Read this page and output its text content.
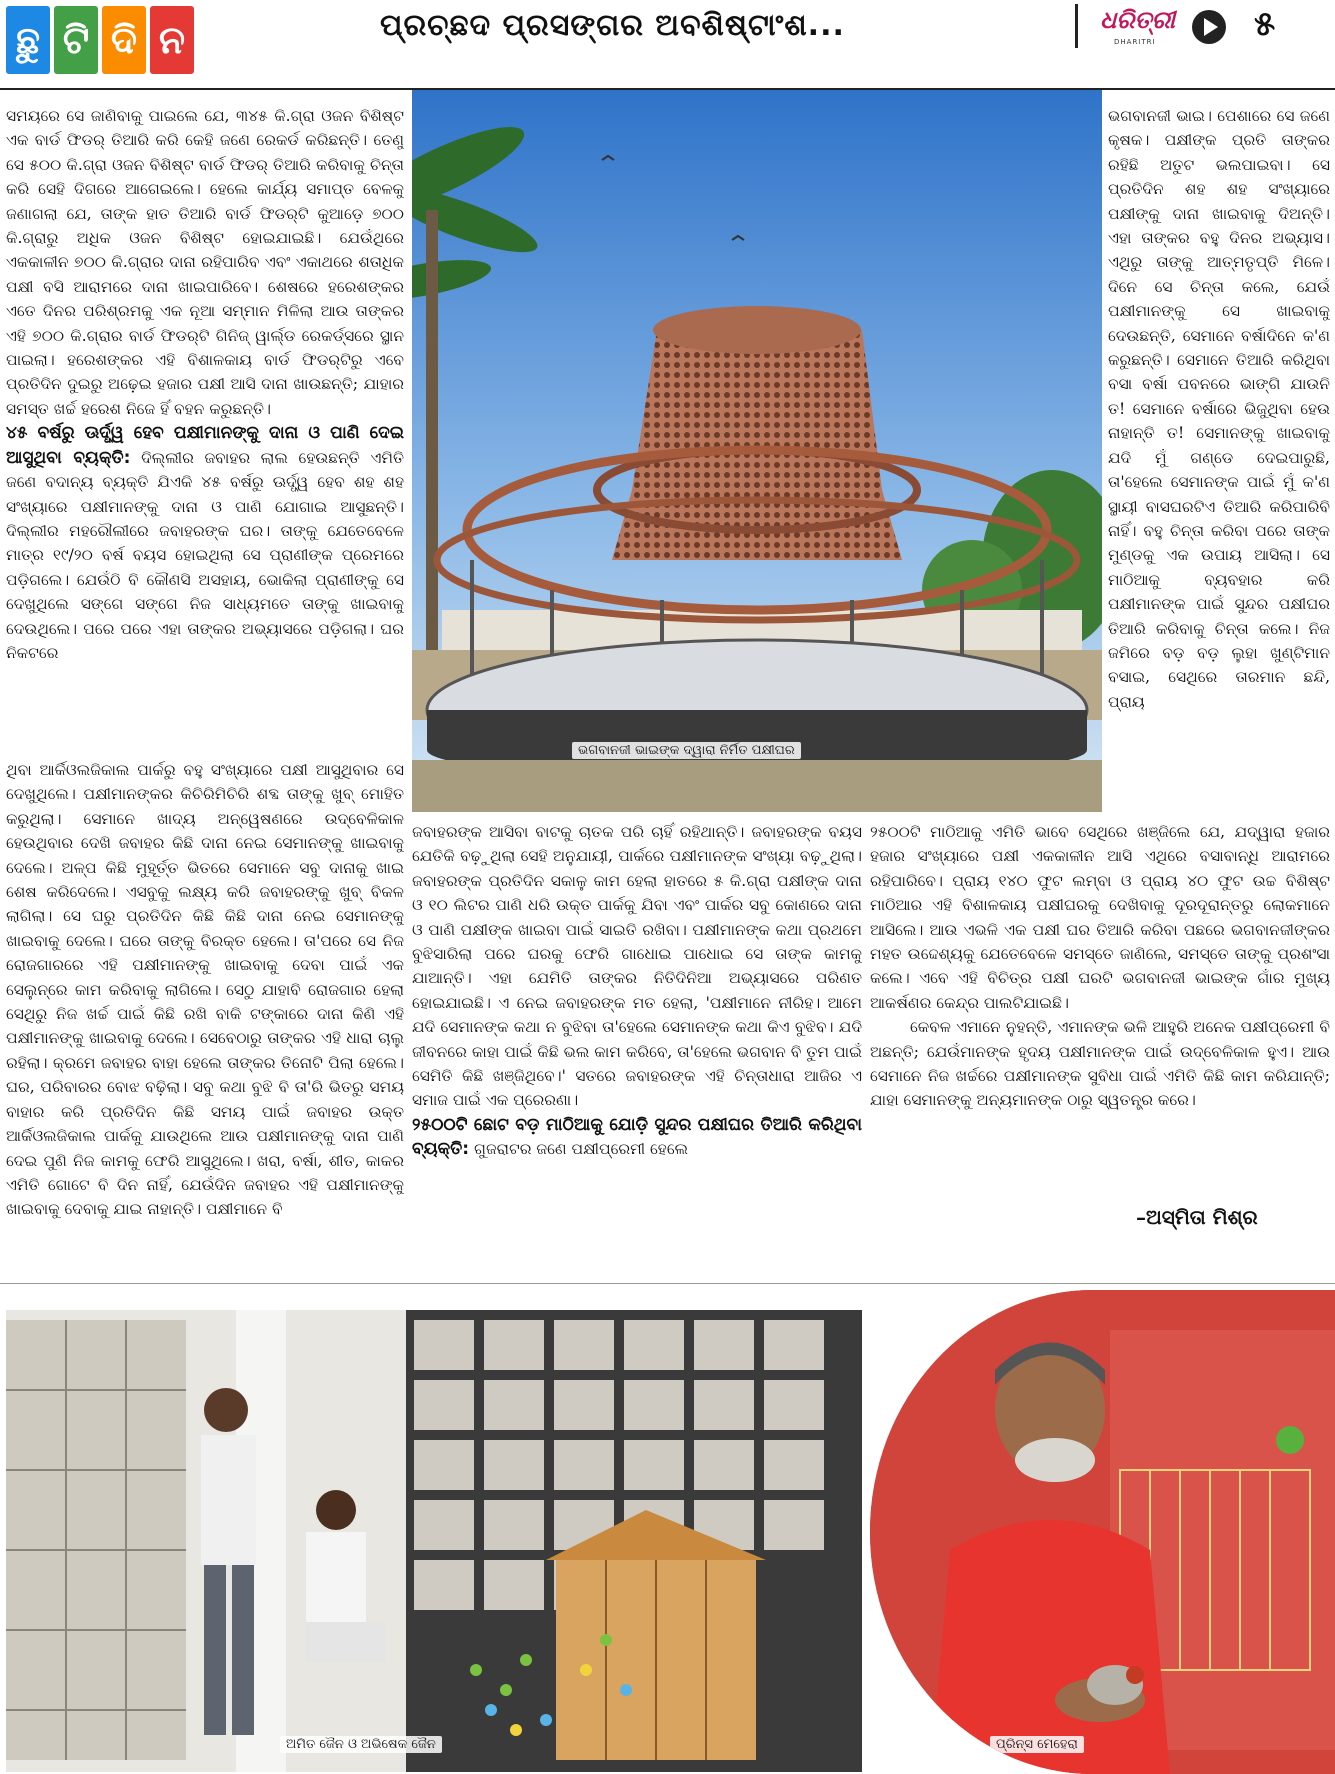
ଛୁ ଟି ଦି ନ	ପ୍ରଚ୍ଛଦ ପ୍ରସଙ୍ଗର ଅବଶିଷ୍ଟାଂଶ...	ଧରିତ୍ରୀ
DHARITRI	୫

ସମୟରେ ସେ ଜାଣିବାକୁ ପାଇଲେ ଯେ, ୩୪୫ କି.ଗ୍ରା ଓଜନ ବିଶିଷ୍ଟ ଏକ ବାର୍ଡ ଫିଡର୍ ତିଆରି କରି କେହି ଜଣେ ରେକର୍ଡ କରିଛନ୍ତି। ତେଣୁ ସେ ୫୦୦ କି.ଗ୍ରା ଓଜନ ବିଶିଷ୍ଟ ବାର୍ଡ ଫିଡର୍ ତିଆରି କରିବାକୁ ଚିନ୍ତା କରି ସେହି ଦିଗରେ ଆଗେଇଲେ। ହେଲେ କାର୍ଯ୍ୟ ସମାପ୍ତ ବେଳକୁ ଜଣାଗଲା ଯେ, ତାଙ୍କ ହାତ ତିଆରି ବାର୍ଡ ଫିଡର୍‌ଟି କୁଆଡ଼େ ୭୦୦ କି.ଗ୍ରାରୁ ଅଧିକ ଓଜନ ବିଶିଷ୍ଟ ହୋଇଯାଇଛି। ଯେଉଁଥିରେ ଏକକାଳୀନ ୭୦୦ କି.ଗ୍ରାର ଦାନା ରହିପାରିବ ଏବଂ ଏକାଥରେ ଶତାଧିକ ପକ୍ଷୀ ବସି ଆରାମରେ ଦାନା ଖାଇପାରିବେ। ଶେଷରେ ହରେଶଙ୍କର ଏତେ ଦିନର ପରିଶ୍ରମକୁ ଏକ ନୂଆ ସମ୍ମାନ ମିଳିଲା ଆଉ ତାଙ୍କର ଏହି ୭୦୦ କି.ଗ୍ରାର ବାର୍ଡ ଫିଡର୍‌ଟି ଗିନିଜ୍ ୱାର୍ଲ୍ଡ ରେକର୍ଡ୍‌ସରେ ସ୍ଥାନ ପାଇଲା। ହରେଶଙ୍କର ଏହି ବିଶାଳକାୟ ବାର୍ଡ ଫିଡର୍‌ଟିରୁ ଏବେ ପ୍ରତିଦିନ ଦୁଇରୁ ଅଢ଼େଇ ହଜାର ପକ୍ଷୀ ଆସି ଦାନା ଖାଉଛନ୍ତି; ଯାହାର ସମସ୍ତ ଖର୍ଚ୍ଚ ହରେଶ ନିଜେ ହିଁ ବହନ କରୁଛନ୍ତି।

୪୫ ବର୍ଷରୁ ଊର୍ଦ୍ଧ୍ୱ ହେବ ପକ୍ଷୀମାନଙ୍କୁ ଦାନା ଓ ପାଣି ଦେଇ ଆସୁଥିବା ବ୍ୟକ୍ତି: ଦିଲ୍ଲୀର ଜବାହର ଲାଲ ହେଉଛନ୍ତି ଏମିତି ଜଣେ ବଦାନ୍ୟ ବ୍ୟକ୍ତି ଯିଏକି ୪୫ ବର୍ଷରୁ ଊର୍ଦ୍ଧ୍ୱ ହେବ ଶହ ଶହ ସଂଖ୍ୟାରେ ପକ୍ଷୀମାନଙ୍କୁ ଦାନା ଓ ପାଣି ଯୋଗାଇ ଆସୁଛନ୍ତି। ଦିଲ୍ଲୀର ମହରୌଲୀରେ ଜବାହରଙ୍କ ଘର। ତାଙ୍କୁ ଯେତେବେଳେ ମାତ୍ର ୧୯/୨୦ ବର୍ଷ ବୟସ ହୋଇଥିଲା ସେ ପ୍ରାଣୀଙ୍କ ପ୍ରେମରେ ପଡ଼ିଗଲେ। ଯେଉଁଠି ବି କୌଣସି ଅସହାୟ, ଭୋକିଲା ପ୍ରାଣୀଙ୍କୁ ସେ ଦେଖୁଥିଲେ ସଙ୍ଗେ ସଙ୍ଗେ ନିଜ ସାଧ୍ୟମତେ ତାଙ୍କୁ ଖାଇବାକୁ ଦେଉଥିଲେ। ପରେ ପରେ ଏହା ତାଙ୍କର ଅଭ୍ୟାସରେ ପଡ଼ିଗଲା। ଘର ନିକଟରେ

ଭଗବାନଜୀ ଭାଇଙ୍କ ଦ୍ୱାରା ନିର୍ମିତ ପକ୍ଷୀଘର

ଭଗବାନଜୀ ଭାଇ। ପେଶାରେ ସେ ଜଣେ କୃଷକ। ପକ୍ଷୀଙ୍କ ପ୍ରତି ତାଙ୍କର ରହିଛି ଅତୁଟ ଭଲପାଇବା। ସେ ପ୍ରତିଦିନ ଶହ ଶହ ସଂଖ୍ୟାରେ ପକ୍ଷୀଙ୍କୁ ଦାନା ଖାଇବାକୁ ଦିଅନ୍ତି। ଏହା ତାଙ୍କର ବହୁ ଦିନର ଅଭ୍ୟାସ। ଏଥିରୁ ତାଙ୍କୁ ଆତ୍ମତୃପ୍ତି ମିଳେ। ଦିନେ ସେ ଚିନ୍ତା କଲେ, ଯେଉଁ ପକ୍ଷୀମାନଙ୍କୁ ସେ ଖାଇବାକୁ ଦେଉଛନ୍ତି, ସେମାନେ ବର୍ଷାଦିନେ କ'ଣ କରୁଛନ୍ତି। ସେମାନେ ତିଆରି କରିଥିବା ବସା ବର୍ଷା ପବନରେ ଭାଙ୍ଗି ଯାଉନି ତ! ସେମାନେ ବର୍ଷାରେ ଭିଜୁଥିବା ହେଉ ନାହାନ୍ତି ତ! ସେମାନଙ୍କୁ ଖାଇବାକୁ ଯଦି ମୁଁ ଗଣ୍ଡେ ଦେଇପାରୁଛି, ତା'ହେଲେ ସେମାନଙ୍କ ପାଇଁ ମୁଁ କ'ଣ ସ୍ଥାୟୀ ବାସଘରଟିଏ ତିଆରି କରିପାରିବି ନାହିଁ। ବହୁ ଚିନ୍ତା କରିବା ପରେ ତାଙ୍କ ମୁଣ୍ଡକୁ ଏକ ଉପାୟ ଆସିଲା। ସେ ମାଠିଆକୁ ବ୍ୟବହାର କରି ପକ୍ଷୀମାନଙ୍କ ପାଇଁ ସୁନ୍ଦର ପକ୍ଷୀଘର ତିଆରି କରିବାକୁ ଚିନ୍ତା କଲେ। ନିଜ ଜମିରେ ବଡ଼ ବଡ଼ ଲୁହା ଖୁଣ୍ଟିମାନ ବସାଇ, ସେଥିରେ ତାରମାନ ଛନ୍ଦି, ପ୍ରାୟ

ଥିବା ଆର୍କିଓଲଜିକାଲ ପାର୍କରୁ ବହୁ ସଂଖ୍ୟାରେ ପକ୍ଷୀ ଆସୁଥିବାର ସେ ଦେଖୁଥିଲେ। ପକ୍ଷୀମାନଙ୍କର କିଚିରିମିଚିରି ଶବ୍ଦ ତାଙ୍କୁ ଖୁବ୍ ମୋହିତ କରୁଥିଲା। ସେମାନେ ଖାଦ୍ୟ ଅନ୍ୱେଷଣରେ ଉଦ୍‌ବେଳିକାଳ ହେଉଥିବାର ଦେଖି ଜବାହର କିଛି ଦାନା ନେଇ ସେମାନଙ୍କୁ ଖାଇବାକୁ ଦେଲେ। ଅଳ୍ପ କିଛି ମୁହୂର୍ତ୍ତ ଭିତରେ ସେମାନେ ସବୁ ଦାନାକୁ ଖାଇ ଶେଷ କରିଦେଲେ। ଏସବୁକୁ ଲକ୍ଷ୍ୟ କରି ଜବାହରଙ୍କୁ ଖୁବ୍ ବିକଳ ଲାଗିଲା। ସେ ଘରୁ ପ୍ରତିଦିନ କିଛି କିଛି ଦାନା ନେଇ ସେମାନଙ୍କୁ ଖାଇବାକୁ ଦେଲେ। ଘରେ ତାଙ୍କୁ ବିରକ୍ତ ହେଲେ। ତା'ପରେ ସେ ନିଜ ରୋଜଗାରରେ ଏହି ପକ୍ଷୀମାନଙ୍କୁ ଖାଇବାକୁ ଦେବା ପାଇଁ ଏକ ସେଲୁନ୍‌ରେ କାମ କରିବାକୁ ଲାଗିଲେ। ସେଠୁ ଯାହାବି ରୋଜଗାର ହେଲା ସେଥିରୁ ନିଜ ଖର୍ଚ୍ଚ ପାଇଁ କିଛି ରଖି ବାକି ଟଙ୍କାରେ ଦାନା କିଣି ଏହି ପକ୍ଷୀମାନଙ୍କୁ ଖାଇବାକୁ ଦେଲେ। ସେବେଠାରୁ ତାଙ୍କର ଏହି ଧାରା ଚାଲୁ ରହିଲା। କ୍ରମେ ଜବାହର ବାହା ହେଲେ ତାଙ୍କର ତିନୋଟି ପିଲା ହେଲେ। ଘର, ପରିବାରର ବୋଝ ବଢ଼ିଲା। ସବୁ କଥା ବୁଝି ବି ତା'ରି ଭିତରୁ ସମୟ ବାହାର କରି ପ୍ରତିଦିନ କିଛି ସମୟ ପାଇଁ ଜବାହର ଉକ୍ତ ଆର୍କିଓଲଜିକାଲ ପାର୍କକୁ ଯାଉଥିଲେ ଆଉ ପକ୍ଷୀମାନଙ୍କୁ ଦାନା ପାଣି ଦେଇ ପୁଣି ନିଜ କାମକୁ ଫେରି ଆସୁଥିଲେ। ଖରା, ବର୍ଷା, ଶୀତ, କାକର ଏମିତି ଗୋଟେ ବି ଦିନ ନାହିଁ, ଯେଉଁଦିନ ଜବାହର ଏହି ପକ୍ଷୀମାନଙ୍କୁ ଖାଇବାକୁ ଦେବାକୁ ଯାଇ ନାହାନ୍ତି। ପକ୍ଷୀମାନେ ବି

ଜବାହରଙ୍କ ଆସିବା ବାଟକୁ ଚାତକ ପରି ଚାହିଁ ରହିଥାନ୍ତି। ଜବାହରଙ୍କ ବୟସ ଯେତିକି ବଢ଼ୁଥିଲା ସେହି ଅନୁଯାୟୀ, ପାର୍କରେ ପକ୍ଷୀମାନଙ୍କ ସଂଖ୍ୟା ବଢ଼ୁଥିଲା। ଜବାହରଙ୍କ ପ୍ରତିଦିନ ସକାଳୁ କାମ ହେଲା ହାତରେ ୫ କି.ଗ୍ରା ପକ୍ଷୀଙ୍କ ଦାନା ଓ ୧୦ ଲିଟର ପାଣି ଧରି ଉକ୍ତ ପାର୍କକୁ ଯିବା ଏବଂ ପାର୍କର ସବୁ କୋଣରେ ଦାନା ଓ ପାଣି ପକ୍ଷୀଙ୍କ ଖାଇବା ପାଇଁ ସାଇତି ରଖିବା। ପକ୍ଷୀମାନଙ୍କ କଥା ପ୍ରଥମେ ବୁଝିସାରିଲା ପରେ ଘରକୁ ଫେରି ଗାଧୋଇ ପାଧୋଇ ସେ ତାଙ୍କ କାମକୁ ଯାଆନ୍ତି। ଏହା ଯେମିତି ତାଙ୍କର ନିତିଦିନିଆ ଅଭ୍ୟାସରେ ପରିଣତ ହୋଇଯାଇଛି। ଏ ନେଇ ଜବାହରଙ୍କ ମତ ହେଲା, 'ପକ୍ଷୀମାନେ ନୀରିହ। ଆମେ ଯଦି ସେମାନଙ୍କ କଥା ନ ବୁଝିବା ତା'ହେଲେ ସେମାନଙ୍କ କଥା କିଏ ବୁଝିବ। ଯଦି ଜୀବନରେ କାହା ପାଇଁ କିଛି ଭଲ କାମ କରିବେ, ତା'ହେଲେ ଭଗବାନ ବି ତୁମ ପାଇଁ ସେମିତି କିଛି ଖଞ୍ଜିଥିବେ।' ସତରେ ଜବାହରଙ୍କ ଏହି ଚିନ୍ତାଧାରା ଆଜିର ଏ ସମାଜ ପାଇଁ ଏକ ପ୍ରେରଣା।

୨୫୦୦ଟି ଛୋଟ ବଡ଼ ମାଠିଆକୁ ଯୋଡ଼ି ସୁନ୍ଦର ପକ୍ଷୀଘର ତିଆରି କରିଥିବା ବ୍ୟକ୍ତି: ଗୁଜରାଟର ଜଣେ ପକ୍ଷୀପ୍ରେମୀ ହେଲେ

୨୫୦୦ଟି ମାଠିଆକୁ ଏମିତି ଭାବେ ସେଥିରେ ଖଞ୍ଜିଲେ ଯେ, ଯଦ୍ୱାରା ହଜାର ହଜାର ସଂଖ୍ୟାରେ ପକ୍ଷୀ ଏକକାଳୀନ ଆସି ଏଥିରେ ବସାବାନ୍ଧି ଆରାମରେ ରହିପାରିବେ। ପ୍ରାୟ ୧୪୦ ଫୁଟ ଲମ୍ବା ଓ ପ୍ରାୟ ୪୦ ଫୁଟ ଉଚ୍ଚ ବିଶିଷ୍ଟ ମାଠିଆର ଏହି ବିଶାଳକାୟ ପକ୍ଷୀଘରକୁ ଦେଖିବାକୁ ଦୂରଦୂରାନ୍ତରୁ ଲୋକମାନେ ଆସିଲେ। ଆଉ ଏଭଳି ଏକ ପକ୍ଷୀ ଘର ତିଆରି କରିବା ପଛରେ ଭଗବାନଜୀଙ୍କର ମହତ ଉଦ୍ଦେଶ୍ୟକୁ ଯେତେବେଳେ ସମସ୍ତେ ଜାଣିଲେ, ସମସ୍ତେ ତାଙ୍କୁ ପ୍ରଶଂସା କଲେ। ଏବେ ଏହି ବିଚିତ୍ର ପକ୍ଷୀ ଘରଟି ଭଗବାନଜୀ ଭାଇଙ୍କ ଗାଁର ମୁଖ୍ୟ ଆକର୍ଷଣର କେନ୍ଦ୍ର ପାଲଟିଯାଇଛି।

କେବଳ ଏମାନେ ନୁହନ୍ତି, ଏମାନଙ୍କ ଭଳି ଆହୁରି ଅନେକ ପକ୍ଷୀପ୍ରେମୀ ବି ଅଛନ୍ତି; ଯେଉଁମାନଙ୍କ ହୃଦୟ ପକ୍ଷୀମାନଙ୍କ ପାଇଁ ଉଦ୍‌ବେଳିକାଳ ହୁଏ। ଆଉ ସେମାନେ ନିଜ ଖର୍ଚ୍ଚରେ ପକ୍ଷୀମାନଙ୍କ ସୁବିଧା ପାଇଁ ଏମିତି କିଛି କାମ କରିଯାନ୍ତି; ଯାହା ସେମାନଙ୍କୁ ଅନ୍ୟମାନଙ୍କ ଠାରୁ ସ୍ୱତନ୍ତ୍ର କରେ।

–ଅସ୍ମିତା ମିଶ୍ର
ଅମିତ ଜୈନ ଓ ଅଭିଷେକ ଜୈନ	ପ୍ରିନ୍ସ ମେହେରା
